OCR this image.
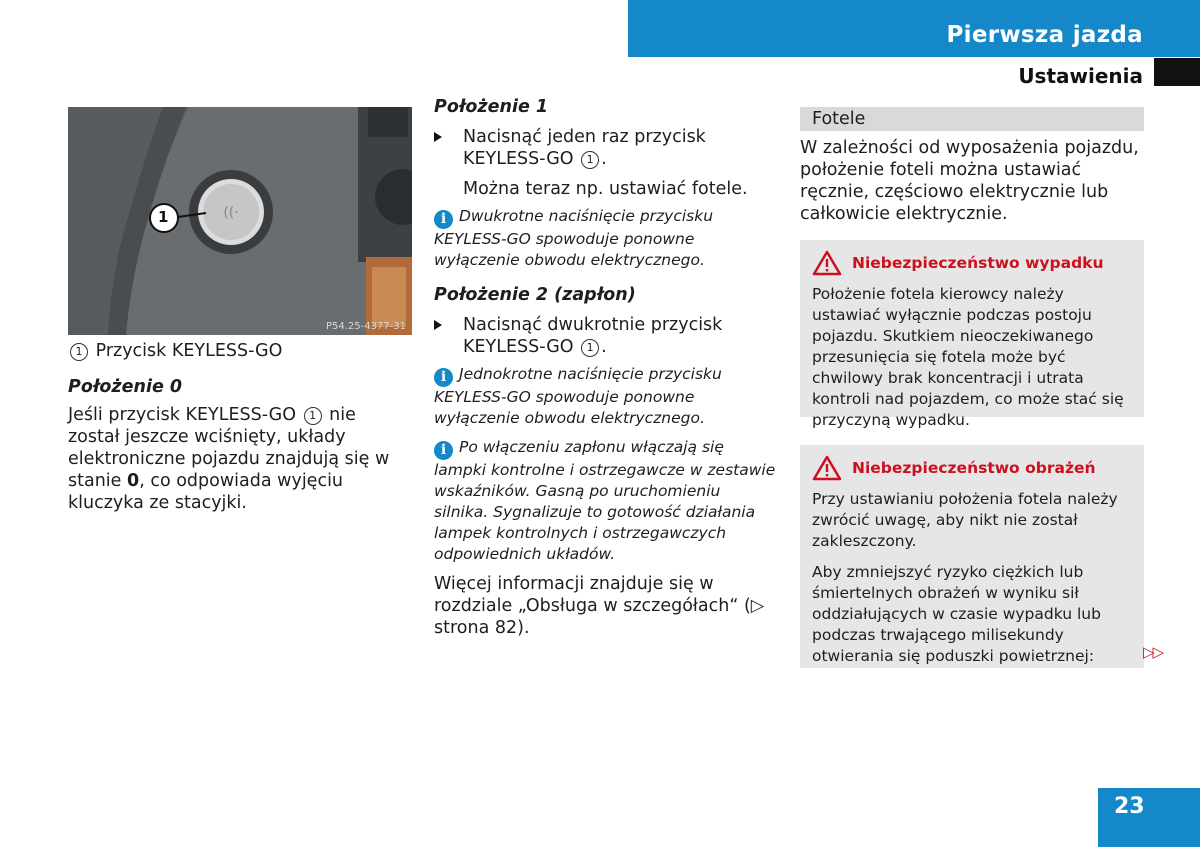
Pierwsza jazda
Ustawienia
((·
1
P54.25-4377-31

1 Przycisk KEYLESS-GO

Położenie 0

Jeśli przycisk KEYLESS-GO 1 nie został jeszcze wciśnięty, układy elektroniczne pojazdu znajdują się w stanie 0, co odpowiada wyjęciu kluczyka ze stacyjki.

Położenie 1

Nacisnąć jeden raz przycisk KEYLESS-GO 1 .

Można teraz np. ustawiać fotele.

i Dwukrotne naciśnięcie przycisku KEYLESS-GO spowoduje ponowne wyłączenie obwodu elektrycznego.

Położenie 2 (zapłon)

Nacisnąć dwukrotnie przycisk KEYLESS-GO 1 .

i Jednokrotne naciśnięcie przycisku KEYLESS-GO spowoduje ponowne wyłączenie obwodu elektrycznego.

i Po włączeniu zapłonu włączają się lampki kontrolne i ostrzegawcze w zestawie wskaźników. Gasną po uruchomieniu silnika. Sygnalizuje to gotowość działania lampek kontrolnych i ostrzegawczych odpowiednich układów.

Więcej informacji znajduje się w rozdziale „Obsługa w szczegółach“ (▷ strona 82).

Fotele

W zależności od wyposażenia pojazdu, położenie foteli można ustawiać ręcznie, częściowo elektrycznie lub całkowicie elektrycznie.

Niebezpieczeństwo wypadku

Położenie fotela kierowcy należy ustawiać wyłącznie podczas postoju pojazdu. Skutkiem nieoczekiwanego przesunięcia się fotela może być chwilowy brak koncentracji i utrata kontroli nad pojazdem, co może stać się przyczyną wypadku.

Niebezpieczeństwo obrażeń

Przy ustawianiu położenia fotela należy zwrócić uwagę, aby nikt nie został zakleszczony.

Aby zmniejszyć ryzyko ciężkich lub śmiertelnych obrażeń w wyniku sił oddziałujących w czasie wypadku lub podczas trwającego milisekundy otwierania się poduszki powietrznej:	▷▷
23
